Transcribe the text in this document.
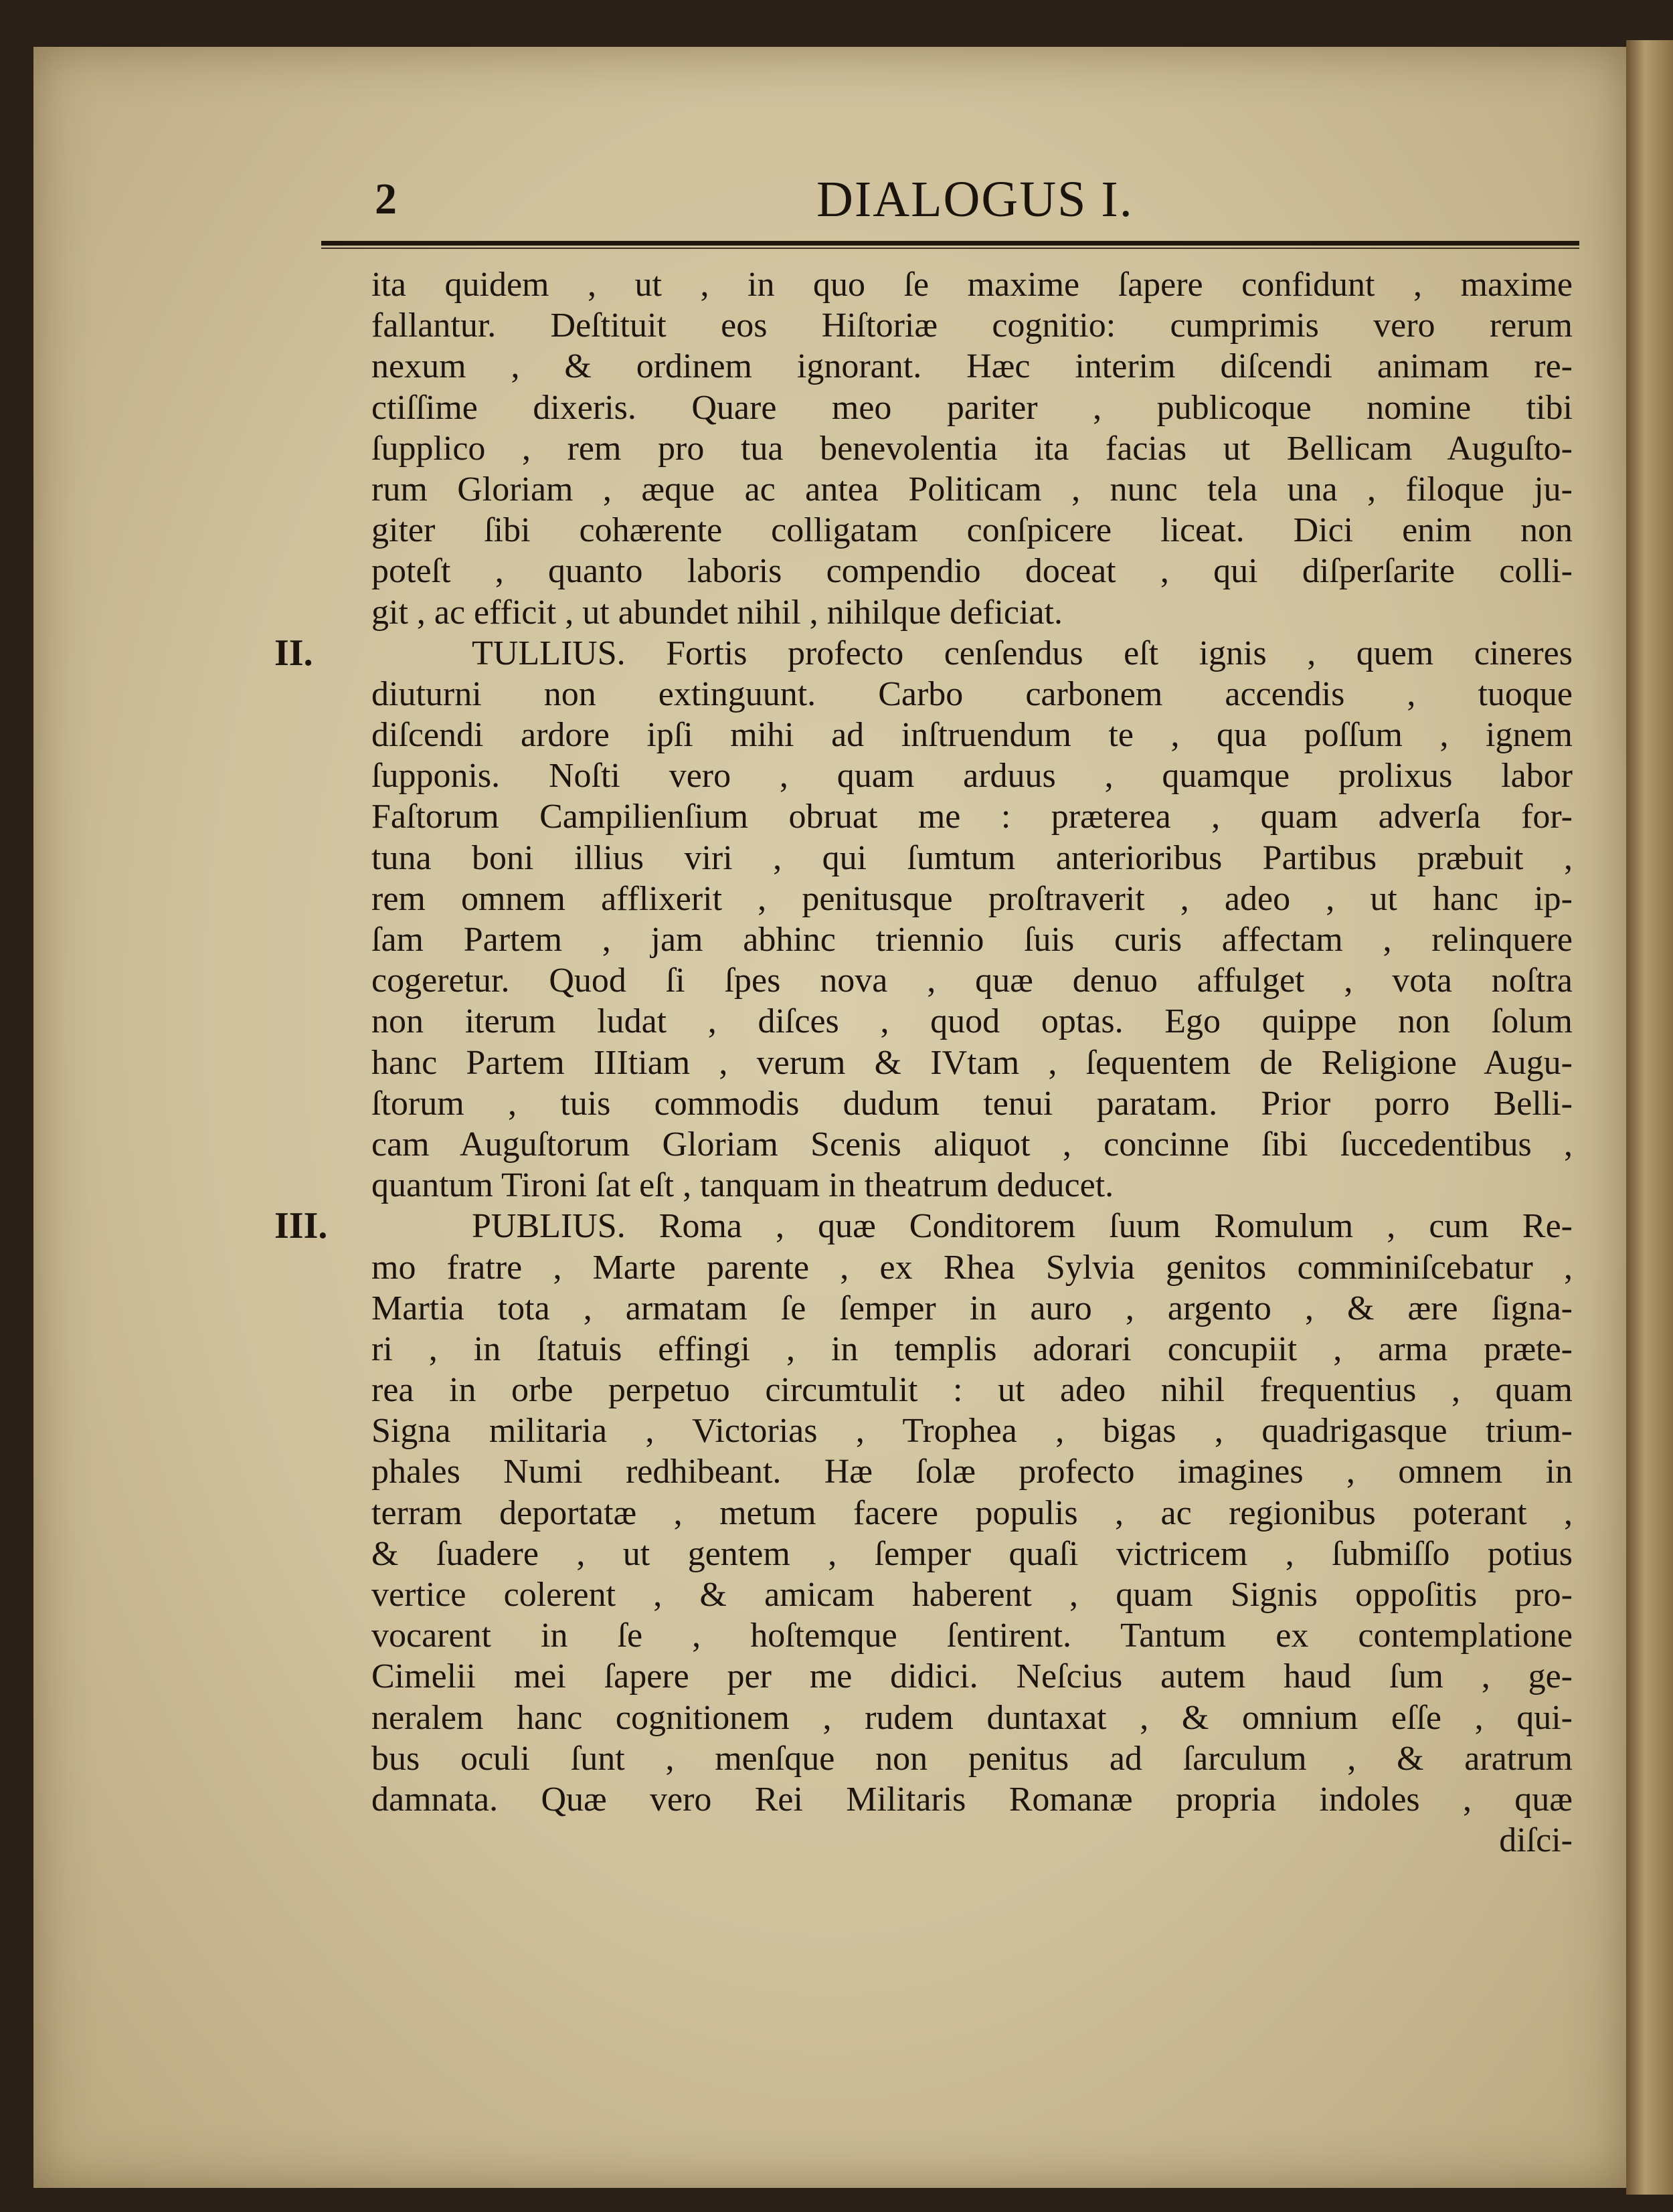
2	DIALOGUS I.
ita quidem , ut , in quo ſe maxime ſapere confidunt , maxime
fallantur. Deſtituit eos Hiſtoriæ cognitio: cumprimis vero rerum
nexum , & ordinem ignorant. Hæc interim diſcendi animam re-
ctiſſime dixeris. Quare meo pariter , publicoque nomine tibi
ſupplico , rem pro tua benevolentia ita facias ut Bellicam Auguſto-
rum Gloriam , æque ac antea Politicam , nunc tela una , filoque ju-
giter ſibi cohærente colligatam conſpicere liceat. Dici enim non
poteſt , quanto laboris compendio doceat , qui diſperſarite colli-
git , ac efficit , ut abundet nihil , nihilque deficiat.
II.	TULLIUS. Fortis profecto cenſendus eſt ignis , quem cineres
diuturni non extinguunt. Carbo carbonem accendis , tuoque
diſcendi ardore ipſi mihi ad inſtruendum te , qua poſſum , ignem
ſupponis. Noſti vero , quam arduus , quamque prolixus labor
Faſtorum Campilienſium obruat me : præterea , quam adverſa for-
tuna boni illius viri , qui ſumtum anterioribus Partibus præbuit ,
rem omnem afflixerit , penitusque proſtraverit , adeo , ut hanc ip-
ſam Partem , jam abhinc triennio ſuis curis affectam , relinquere
cogeretur. Quod ſi ſpes nova , quæ denuo affulget , vota noſtra
non iterum ludat , diſces , quod optas. Ego quippe non ſolum
hanc Partem IIItiam , verum & IVtam , ſequentem de Religione Augu-
ſtorum , tuis commodis dudum tenui paratam. Prior porro Belli-
cam Auguſtorum Gloriam Scenis aliquot , concinne ſibi ſuccedentibus ,
quantum Tironi ſat eſt , tanquam in theatrum deducet.
III.	PUBLIUS. Roma , quæ Conditorem ſuum Romulum , cum Re-
mo fratre , Marte parente , ex Rhea Sylvia genitos comminiſcebatur ,
Martia tota , armatam ſe ſemper in auro , argento , & ære ſigna-
ri , in ſtatuis effingi , in templis adorari concupiit , arma præte-
rea in orbe perpetuo circumtulit : ut adeo nihil frequentius , quam
Signa militaria , Victorias , Trophea , bigas , quadrigasque trium-
phales Numi redhibeant. Hæ ſolæ profecto imagines , omnem in
terram deportatæ , metum facere populis , ac regionibus poterant ,
& ſuadere , ut gentem , ſemper quaſi victricem , ſubmiſſo potius
vertice colerent , & amicam haberent , quam Signis oppoſitis pro-
vocarent in ſe , hoſtemque ſentirent. Tantum ex contemplatione
Cimelii mei ſapere per me didici. Neſcius autem haud ſum , ge-
neralem hanc cognitionem , rudem duntaxat , & omnium eſſe , qui-
bus oculi ſunt , menſque non penitus ad ſarculum , & aratrum
damnata. Quæ vero Rei Militaris Romanæ propria indoles , quæ
diſci-
